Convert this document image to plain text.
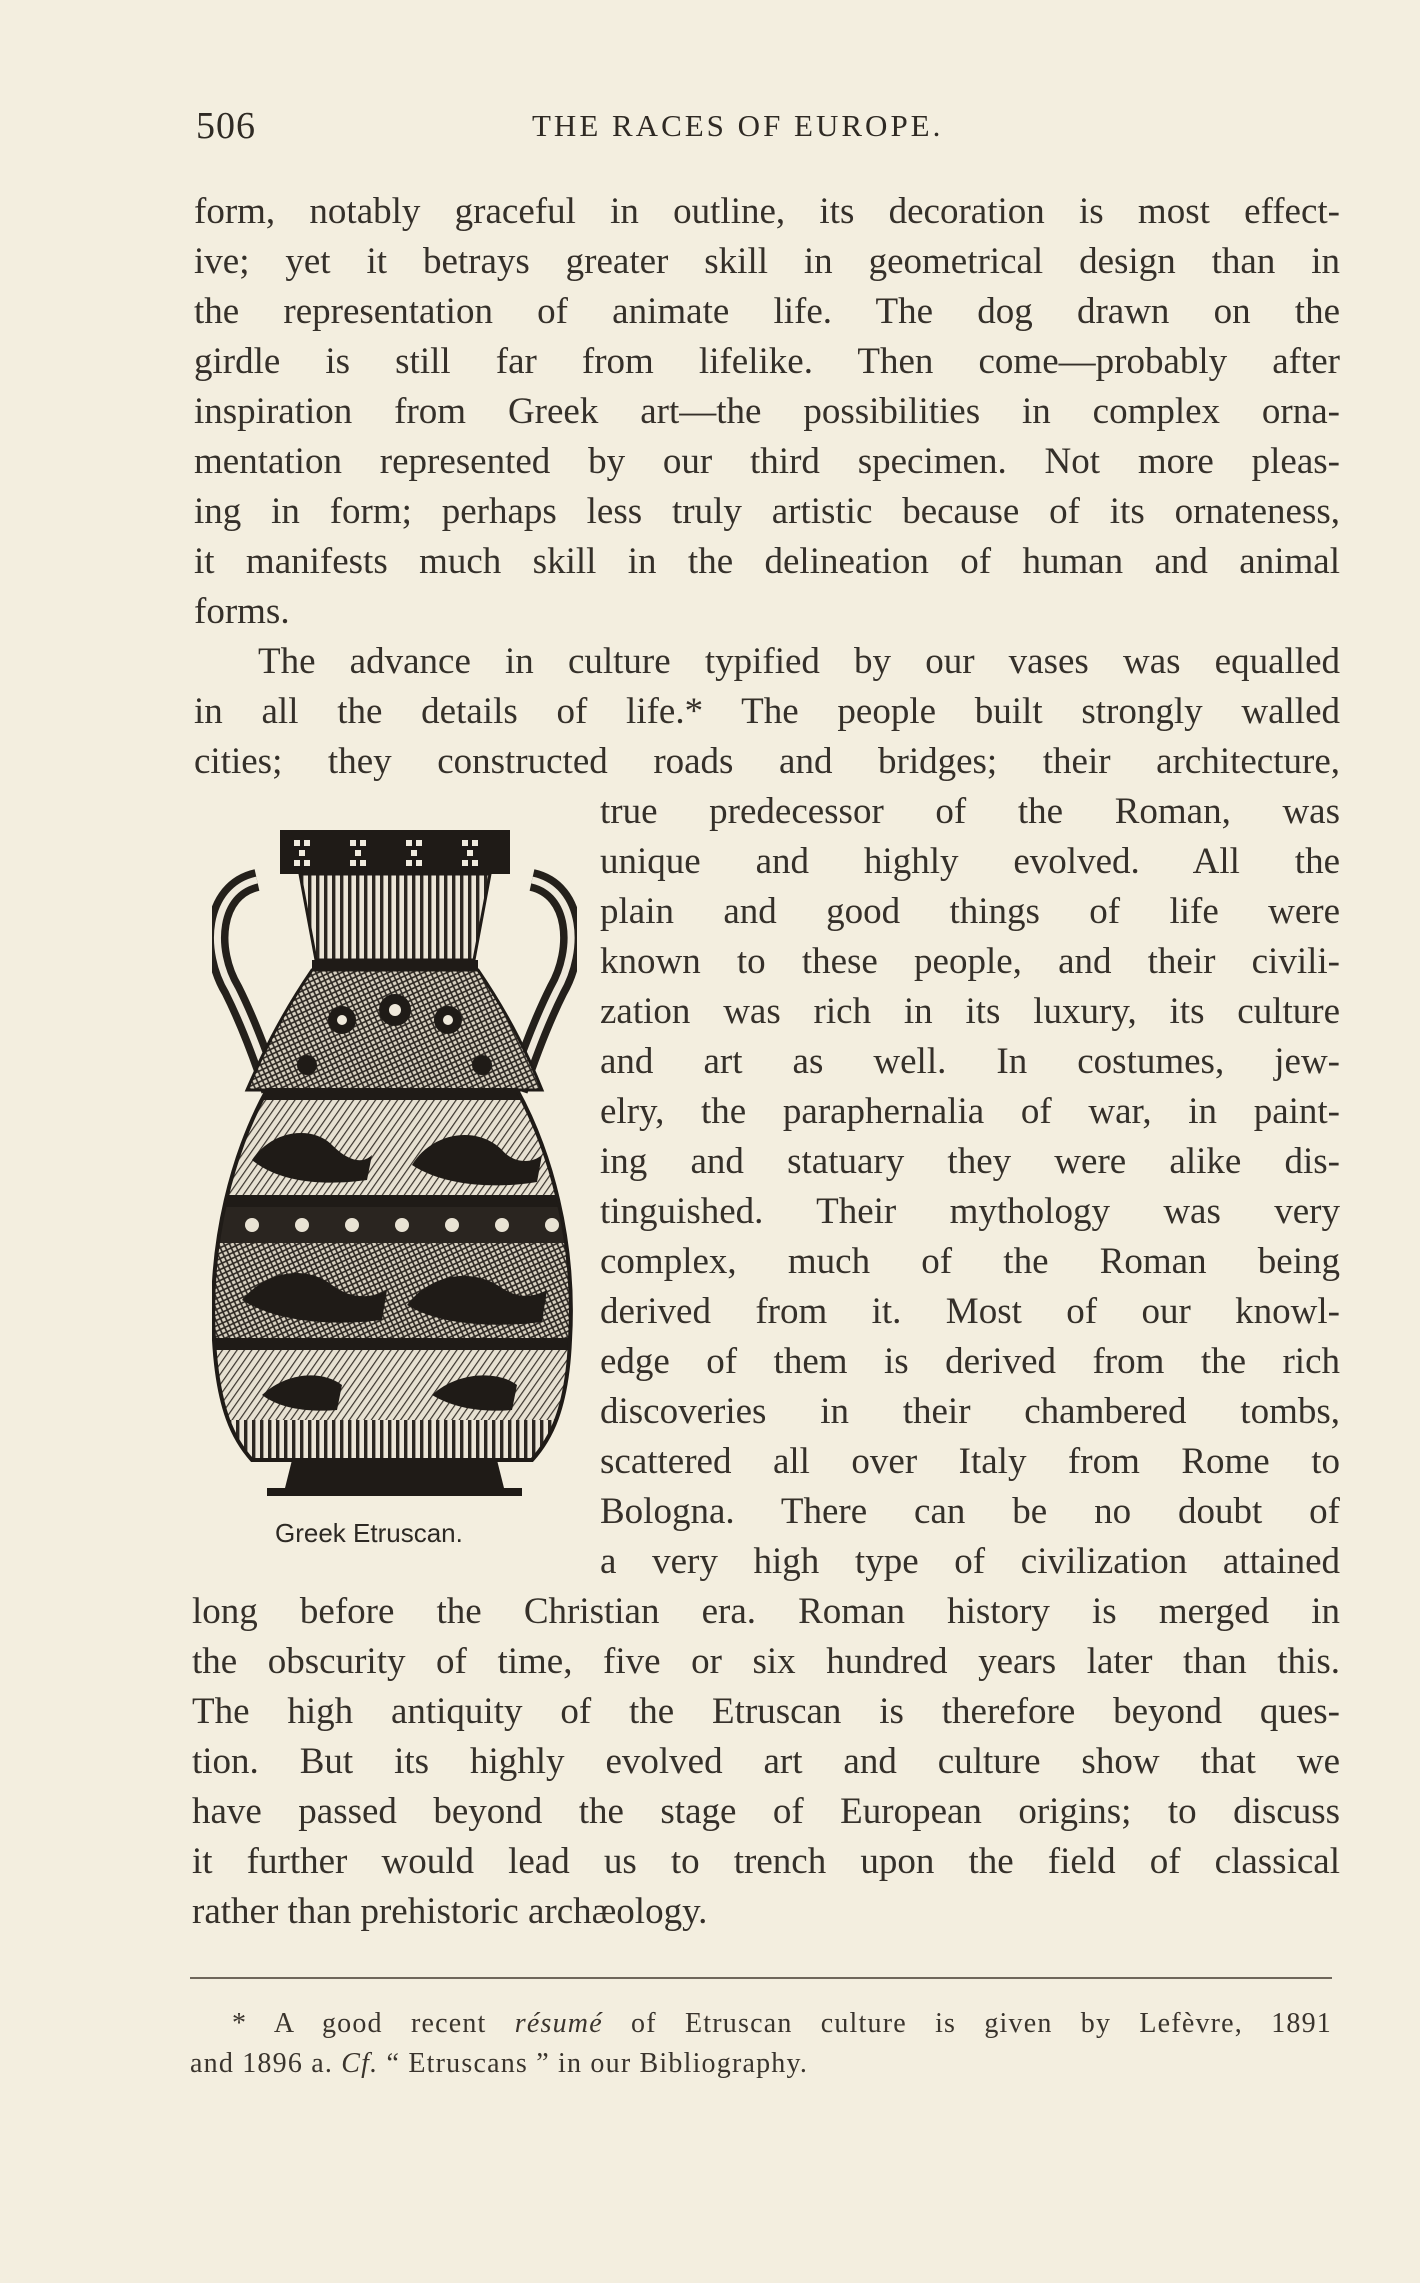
506	THE RACES OF EUROPE.
form, notably graceful in outline, its decoration is most effect-
ive; yet it betrays greater skill in geometrical design than in
the representation of animate life. The dog drawn on the
girdle is still far from lifelike. Then come—probably after
inspiration from Greek art—the possibilities in complex orna-
mentation represented by our third specimen. Not more pleas-
ing in form; perhaps less truly artistic because of its ornateness,
it manifests much skill in the delineation of human and animal
forms.
The advance in culture typified by our vases was equalled
in all the details of life.* The people built strongly walled
cities; they constructed roads and bridges; their architecture,
true predecessor of the Roman, was
unique and highly evolved. All the
plain and good things of life were
known to these people, and their civili-
zation was rich in its luxury, its culture
and art as well. In costumes, jew-
elry, the paraphernalia of war, in paint-
ing and statuary they were alike dis-
tinguished. Their mythology was very
complex, much of the Roman being
derived from it. Most of our knowl-
edge of them is derived from the rich
discoveries in their chambered tombs,
scattered all over Italy from Rome to
Bologna. There can be no doubt of
a very high type of civilization attained
long before the Christian era. Roman history is merged in
the obscurity of time, five or six hundred years later than this.
The high antiquity of the Etruscan is therefore beyond ques-
tion. But its highly evolved art and culture show that we
have passed beyond the stage of European origins; to discuss
it further would lead us to trench upon the field of classical
rather than prehistoric archæology.
Greek Etruscan.
* A good recent résumé of Etruscan culture is given by Lefèvre, 1891
and 1896 a. Cf. “ Etruscans ” in our Bibliography.
